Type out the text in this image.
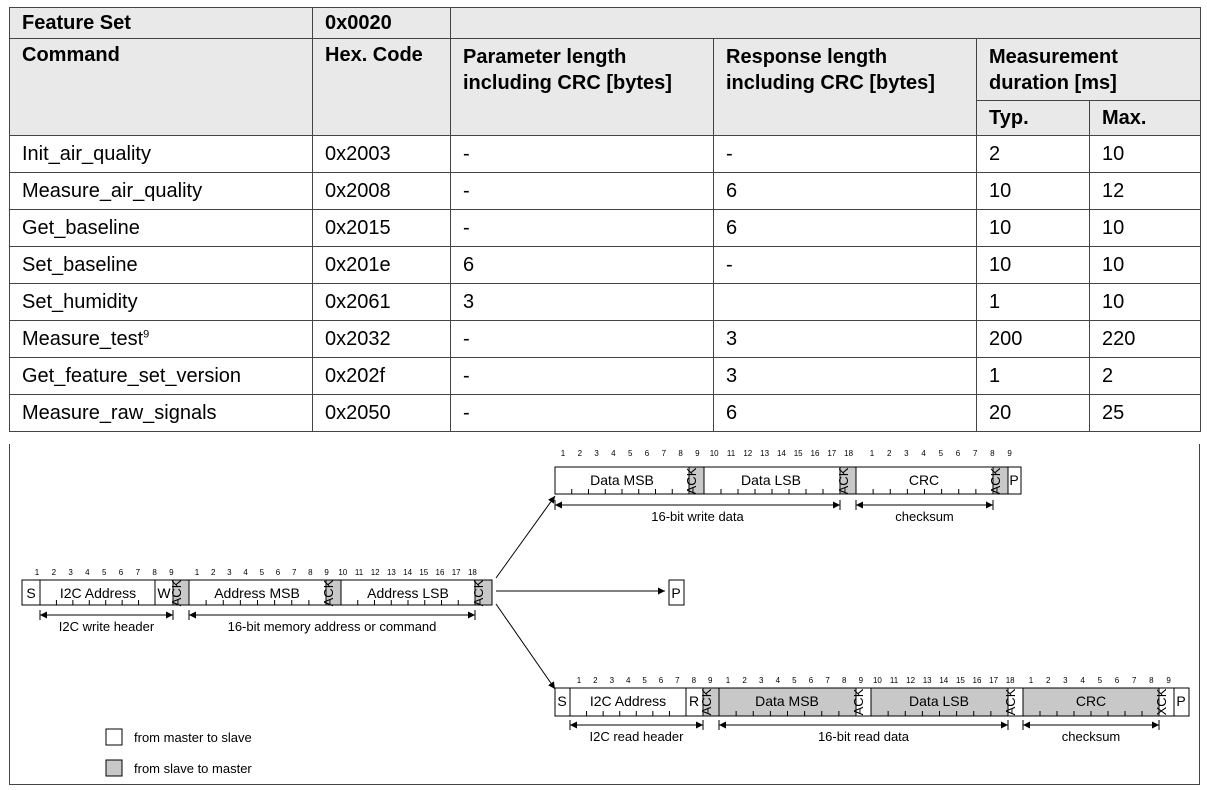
Feature Set	0x0020				
Command	Hex. Code	Parameter length including CRC [bytes]	Response length including CRC [bytes]	Measurement duration [ms]	
				Typ.	Max.
Init_air_quality	0x2003	-	-	2	10
Measure_air_quality	0x2008	-	6	10	12
Get_baseline	0x2015	-	6	10	10
Set_baseline	0x201e	6	-	10	10
Set_humidity	0x2061	3		1	10
Measure_test$^9$	0x2032	-	3	200	220
Get_feature_set_version	0x202f	-	3	1	2
Measure_raw_signals	0x2050	-	6	20	25
S I2C Address W
ACK Address MSB ACK Address LSB ACK
1 2 3 4 5 6 7 8 9	1 2 3 4 5 6 7 8 9 10 11 12 13 14 15 16 17 18
I2C write header	16-bit memory address or command
P
Data MSB ACK	Data LSB	ACK	CRC	ACK P
1 2 3 4 5 6 7 8 9 10 11 12 13 14 15 16 17 18 1 2 3 4 5 6 7 8 9
16-bit write data	checksum
S I2C Address R ACK	Data MSB ACK	Data LSB	ACK	CRC	XCK P
1 2 3 4 5 6 7 8 9 1 2 3 4 5 6 7 8 9 10 11 12 13 14 15 16 17 18 1 2 3 4 5 6 7 8 9
I2C read header	16-bit read data	checksum
from master to slave
from slave to master
